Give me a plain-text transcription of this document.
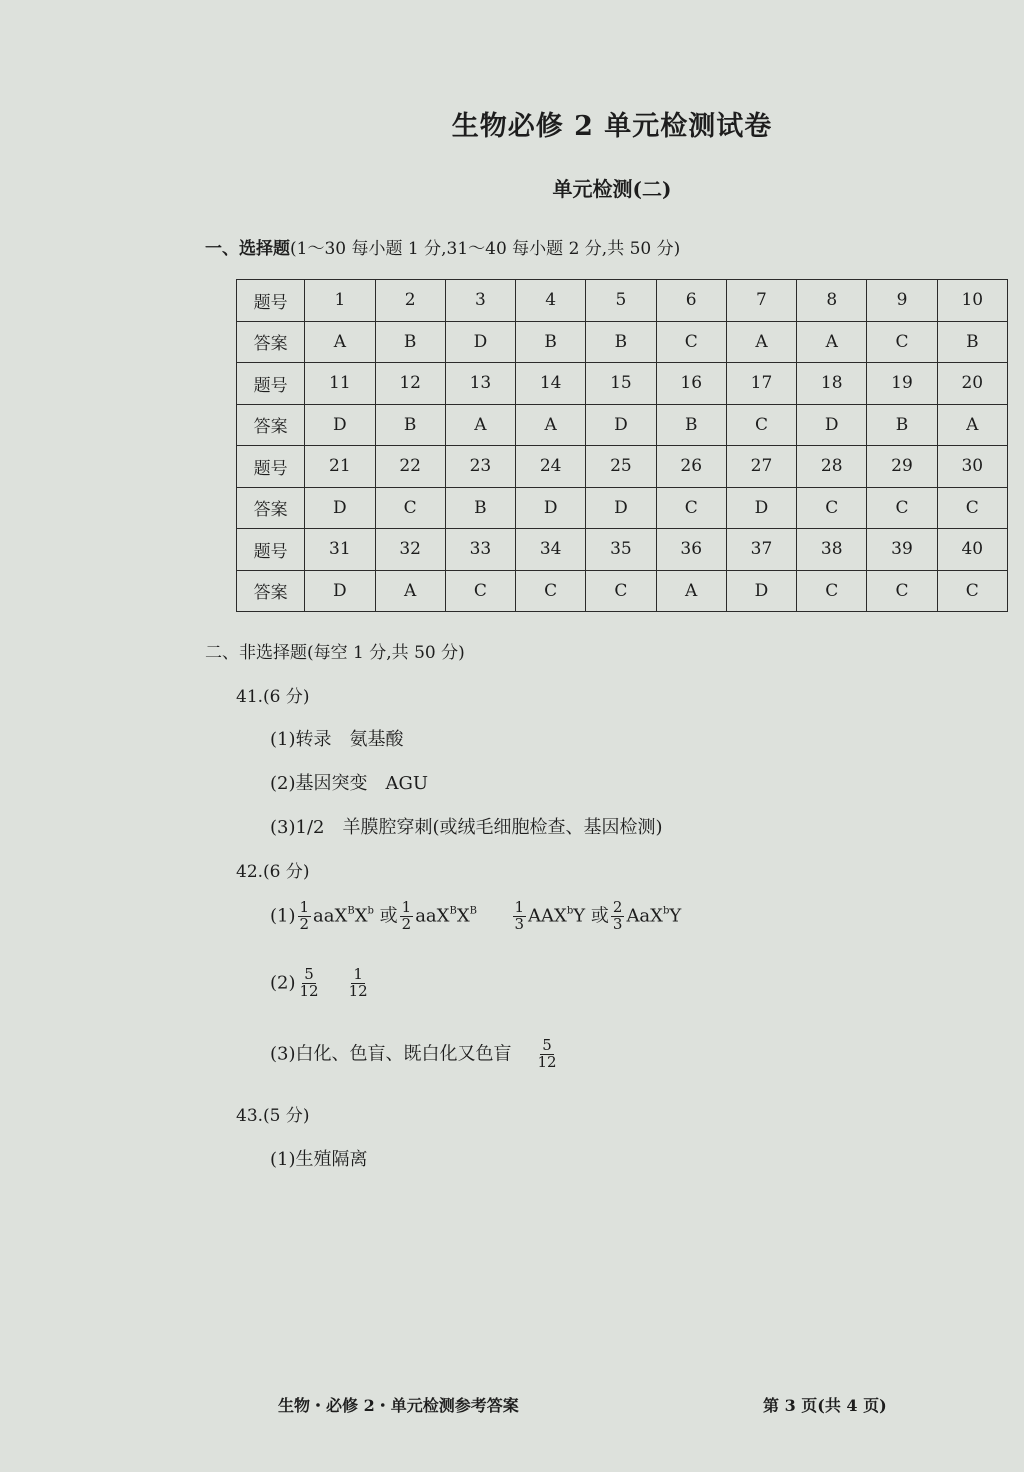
生物必修 2 单元检测试卷
单元检测(二)
一、选择题(1～30 每小题 1 分,31～40 每小题 2 分,共 50 分)
题号	1	2	3	4	5	6	7	8	9	10
答案	A	B	D	B	B	C	A	A	C	B
题号	11	12	13	14	15	16	17	18	19	20
答案	D	B	A	A	D	B	C	D	B	A
题号	21	22	23	24	25	26	27	28	29	30
答案	D	C	B	D	D	C	D	C	C	C
题号	31	32	33	34	35	36	37	38	39	40
答案	D	A	C	C	C	A	D	C	C	C
二、非选择题(每空 1 分,共 50 分)
41.(6 分)
(1)转录　氨基酸
(2)基因突变　AGU
(3)1/2　羊膜腔穿刺(或绒毛细胞检查、基因检测)
42.(6 分)
$(1) \frac{1}{2} aaX^BX^b$ 或 $\frac{1}{2} aaX^BX^B \frac{1}{3} AAX^bY$ 或 $\frac{2}{3} AaX^bY$
$(2) \frac{5}{12} \frac{1}{12}$
(3)白化、色盲、既白化又色盲 $\frac{5}{12}$
43.(5 分)
(1)生殖隔离
生物・必修 2・单元检测参考答案	第 3 页(共 4 页)
